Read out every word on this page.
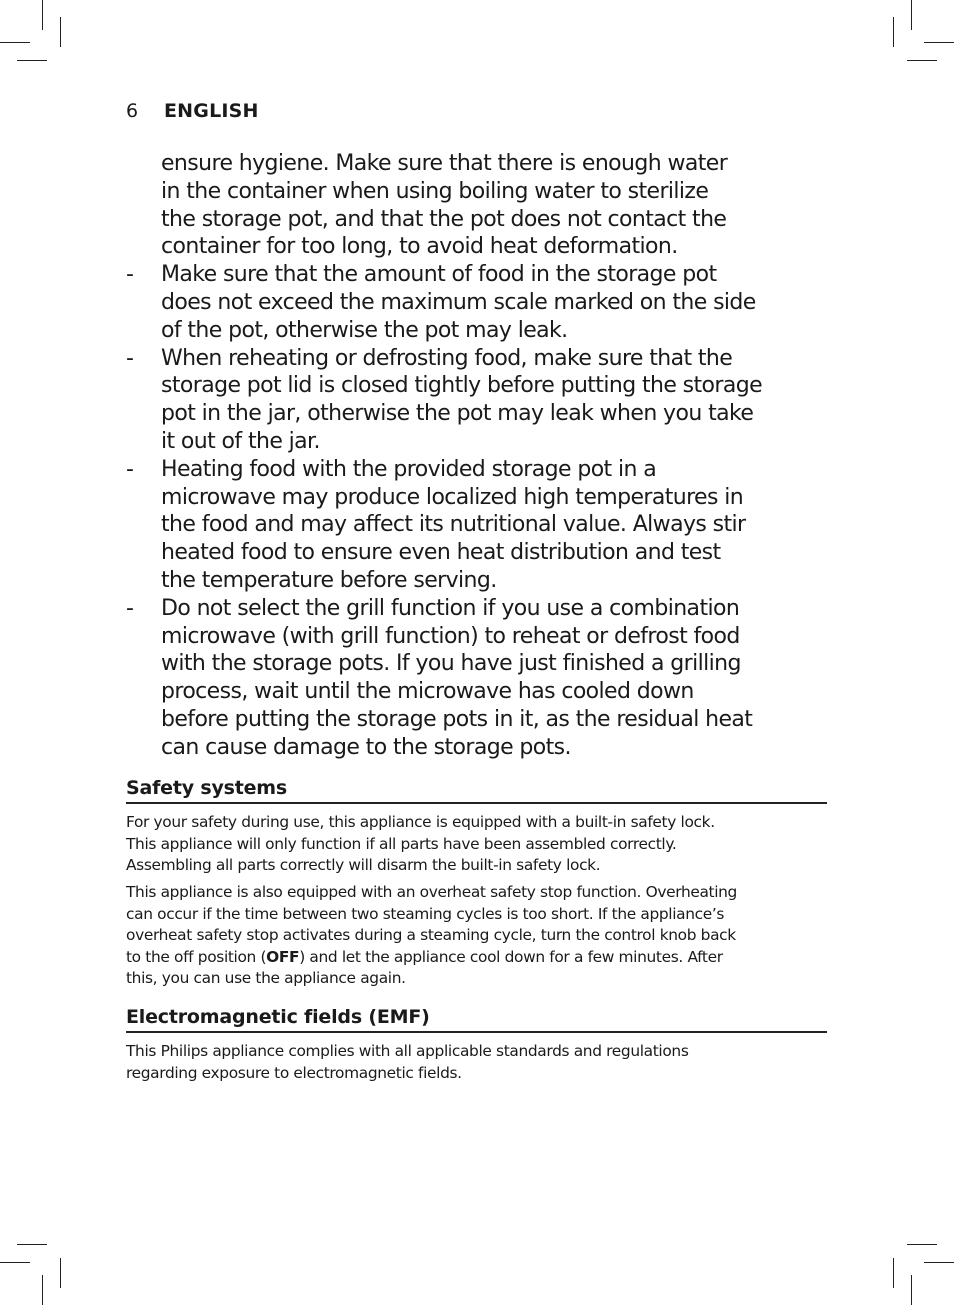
6 ENGLISH

ensure hygiene. Make sure that there is enough water
in the container when using boiling water to sterilize
the storage pot, and that the pot does not contact the
container for too long, to avoid heat deformation.

- Make sure that the amount of food in the storage pot
does not exceed the maximum scale marked on the side
of the pot, otherwise the pot may leak.

- When reheating or defrosting food, make sure that the
storage pot lid is closed tightly before putting the storage
pot in the jar, otherwise the pot may leak when you take
it out of the jar.

- Heating food with the provided storage pot in a
microwave may produce localized high temperatures in
the food and may affect its nutritional value. Always stir
heated food to ensure even heat distribution and test
the temperature before serving.

- Do not select the grill function if you use a combination
microwave (with grill function) to reheat or defrost food
with the storage pots. If you have just finished a grilling
process, wait until the microwave has cooled down
before putting the storage pots in it, as the residual heat
can cause damage to the storage pots.

Safety systems

For your safety during use, this appliance is equipped with a built-in safety lock.
This appliance will only function if all parts have been assembled correctly.
Assembling all parts correctly will disarm the built-in safety lock.

This appliance is also equipped with an overheat safety stop function. Overheating
can occur if the time between two steaming cycles is too short. If the appliance’s
overheat safety stop activates during a steaming cycle, turn the control knob back
to the off position (OFF) and let the appliance cool down for a few minutes. After
this, you can use the appliance again.

Electromagnetic fields (EMF)

This Philips appliance complies with all applicable standards and regulations
regarding exposure to electromagnetic fields.
